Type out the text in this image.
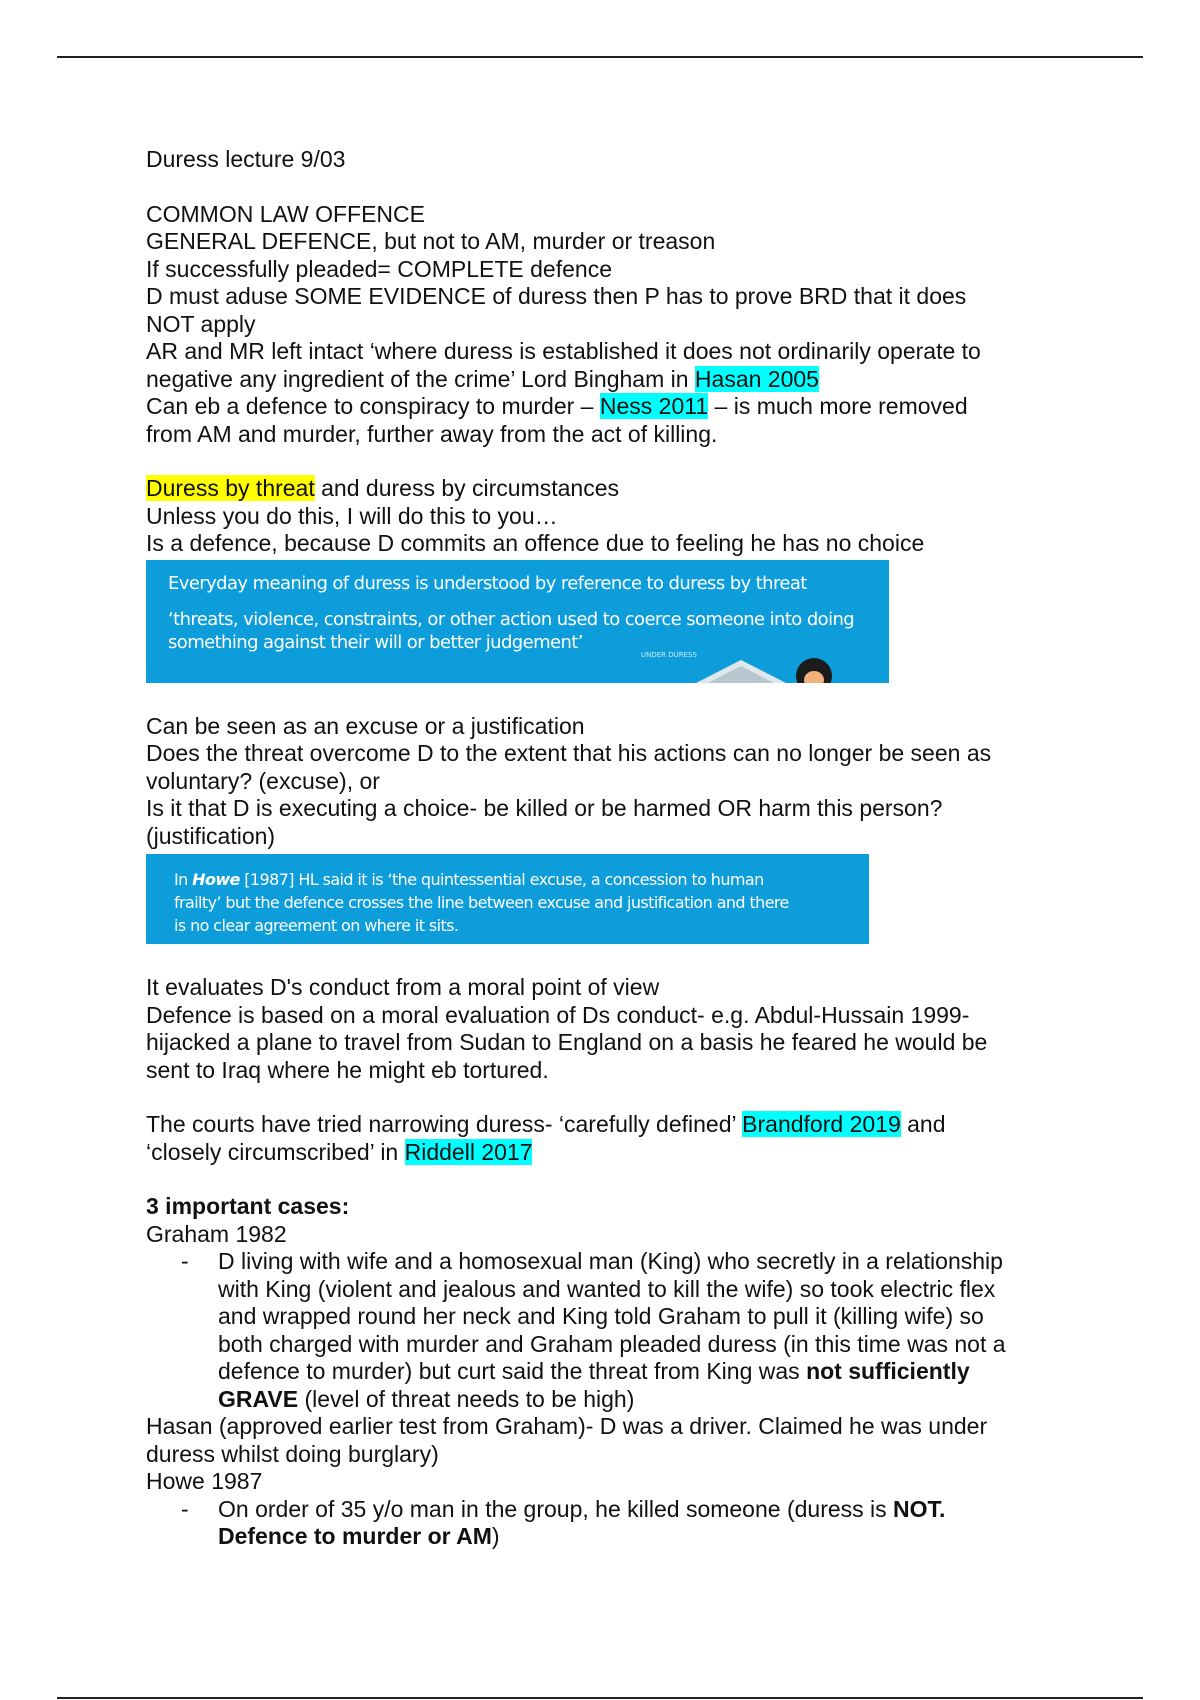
Duress lecture 9/03
COMMON LAW OFFENCE
GENERAL DEFENCE, but not to AM, murder or treason
If successfully pleaded= COMPLETE defence
D must aduse SOME EVIDENCE of duress then P has to prove BRD that it does
NOT apply
AR and MR left intact ‘where duress is established it does not ordinarily operate to
negative any ingredient of the crime’ Lord Bingham in Hasan 2005
Can eb a defence to conspiracy to murder – Ness 2011 – is much more removed
from AM and murder, further away from the act of killing.
Duress by threat and duress by circumstances
Unless you do this, I will do this to you…
Is a defence, because D commits an offence due to feeling he has no choice
Everyday meaning of duress is understood by reference to duress by threat
‘threats, violence, constraints, or other action used to coerce someone into doing
something against their will or better judgement’
UNDER DURESS
Can be seen as an excuse or a justification
Does the threat overcome D to the extent that his actions can no longer be seen as
voluntary? (excuse), or
Is it that D is executing a choice- be killed or be harmed OR harm this person?
(justification)
In Howe [1987] HL said it is ‘the quintessential excuse, a concession to human
frailty’ but the defence crosses the line between excuse and justification and there
is no clear agreement on where it sits.
It evaluates D's conduct from a moral point of view
Defence is based on a moral evaluation of Ds conduct- e.g. Abdul-Hussain 1999-
hijacked a plane to travel from Sudan to England on a basis he feared he would be
sent to Iraq where he might eb tortured.
The courts have tried narrowing duress- ‘carefully defined’ Brandford 2019 and
‘closely circumscribed’ in Riddell 2017
3 important cases:
Graham 1982
- D living with wife and a homosexual man (King) who secretly in a relationship
with King (violent and jealous and wanted to kill the wife) so took electric flex
and wrapped round her neck and King told Graham to pull it (killing wife) so
both charged with murder and Graham pleaded duress (in this time was not a
defence to murder) but curt said the threat from King was not sufficiently
GRAVE (level of threat needs to be high)
Hasan (approved earlier test from Graham)- D was a driver. Claimed he was under
duress whilst doing burglary)
Howe 1987
- On order of 35 y/o man in the group, he killed someone (duress is NOT.
Defence to murder or AM)
